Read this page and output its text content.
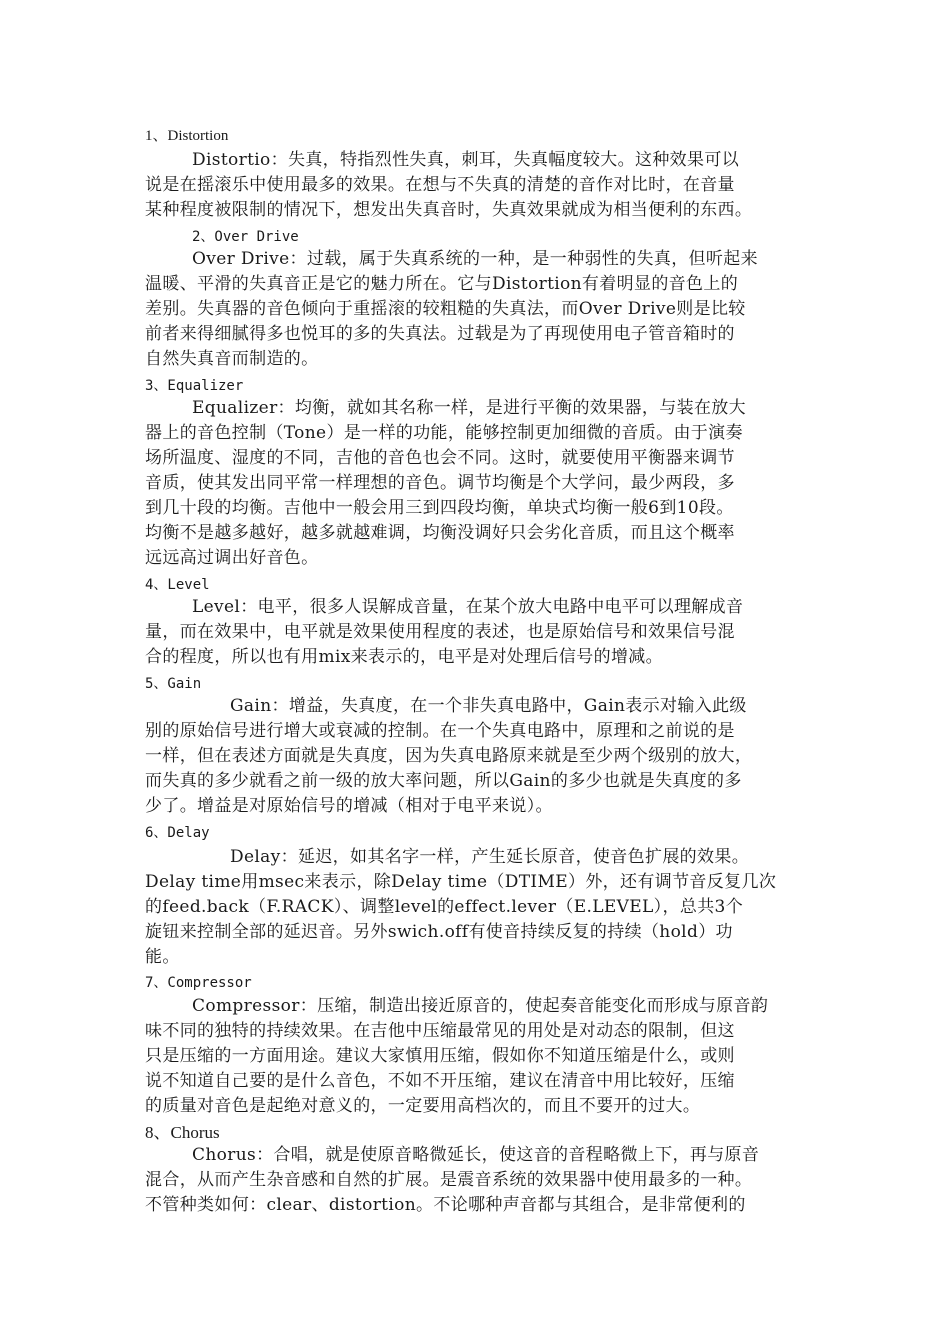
1、Distortion
Distortio：失真，特指烈性失真，刺耳，失真幅度较大。这种效果可以
说是在摇滚乐中使用最多的效果。在想与不失真的清楚的音作对比时，在音量
某种程度被限制的情况下，想发出失真音时，失真效果就成为相当便利的东西。
2、Over Drive
Over Drive：过载，属于失真系统的一种，是一种弱性的失真，但听起来
温暖、平滑的失真音正是它的魅力所在。它与Distortion有着明显的音色上的
差别。失真器的音色倾向于重摇滚的较粗糙的失真法，而Over Drive则是比较
前者来得细腻得多也悦耳的多的失真法。过载是为了再现使用电子管音箱时的
自然失真音而制造的。
3、Equalizer
Equalizer：均衡，就如其名称一样，是进行平衡的效果器，与装在放大
器上的音色控制（Tone）是一样的功能，能够控制更加细微的音质。由于演奏
场所温度、湿度的不同，吉他的音色也会不同。这时，就要使用平衡器来调节
音质，使其发出同平常一样理想的音色。调节均衡是个大学问，最少两段，多
到几十段的均衡。吉他中一般会用三到四段均衡，单块式均衡一般6到10段。
均衡不是越多越好，越多就越难调，均衡没调好只会劣化音质，而且这个概率
远远高过调出好音色。
4、Level
Level：电平，很多人误解成音量，在某个放大电路中电平可以理解成音
量，而在效果中，电平就是效果使用程度的表述，也是原始信号和效果信号混
合的程度，所以也有用mix来表示的，电平是对处理后信号的增减。
5、Gain
Gain：增益，失真度，在一个非失真电路中，Gain表示对输入此级
别的原始信号进行增大或衰减的控制。在一个失真电路中，原理和之前说的是
一样，但在表述方面就是失真度，因为失真电路原来就是至少两个级别的放大，
而失真的多少就看之前一级的放大率问题，所以Gain的多少也就是失真度的多
少了。增益是对原始信号的增减（相对于电平来说）。
6、Delay
Delay：延迟，如其名字一样，产生延长原音，使音色扩展的效果。
Delay time用msec来表示，除Delay time（DTIME）外，还有调节音反复几次
的feed.back（F.RACK）、调整level的effect.lever（E.LEVEL），总共3个
旋钮来控制全部的延迟音。另外swich.off有使音持续反复的持续（hold）功
能。
7、Compressor
Compressor：压缩，制造出接近原音的，使起奏音能变化而形成与原音韵
味不同的独特的持续效果。在吉他中压缩最常见的用处是对动态的限制，但这
只是压缩的一方面用途。建议大家慎用压缩，假如你不知道压缩是什么，或则
说不知道自己要的是什么音色，不如不开压缩，建议在清音中用比较好，压缩
的质量对音色是起绝对意义的，一定要用高档次的，而且不要开的过大。
8、Chorus
Chorus：合唱，就是使原音略微延长，使这音的音程略微上下，再与原音
混合，从而产生杂音感和自然的扩展。是震音系统的效果器中使用最多的一种。
不管种类如何：clear、distortion。不论哪种声音都与其组合，是非常便利的
